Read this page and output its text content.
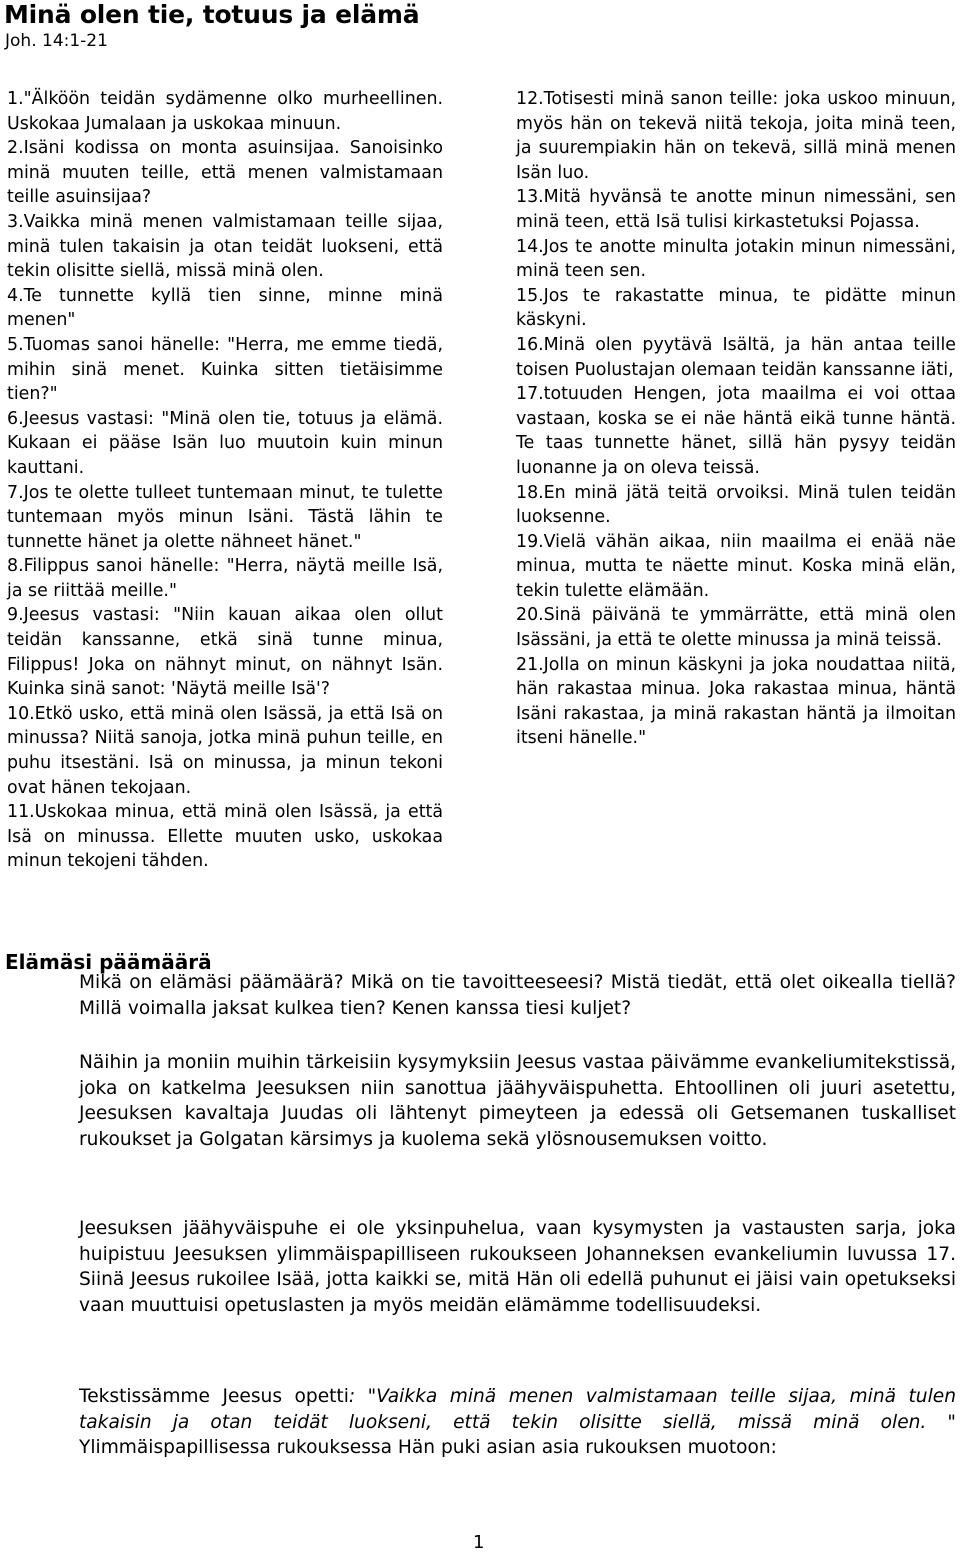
Minä olen tie, totuus ja elämä
Joh. 14:1-21

1."Älköön teidän sydämenne olko murheellinen. Uskokaa Jumalaan ja uskokaa minuun.

2.Isäni kodissa on monta asuinsijaa. Sanoisinko minä muuten teille, että menen valmistamaan teille asuinsijaa?

3.Vaikka minä menen valmistamaan teille sijaa, minä tulen takaisin ja otan teidät luokseni, että tekin olisitte siellä, missä minä olen.

4.Te tunnette kyllä tien sinne, minne minä menen"

5.Tuomas sanoi hänelle: "Herra, me emme tiedä, mihin sinä menet. Kuinka sitten tietäisimme tien?"

6.Jeesus vastasi: "Minä olen tie, totuus ja elämä. Kukaan ei pääse Isän luo muutoin kuin minun kauttani.

7.Jos te olette tulleet tuntemaan minut, te tulette tuntemaan myös minun Isäni. Tästä lähin te tunnette hänet ja olette nähneet hänet."

8.Filippus sanoi hänelle: "Herra, näytä meille Isä, ja se riittää meille."

9.Jeesus vastasi: "Niin kauan aikaa olen ollut teidän kanssanne, etkä sinä tunne minua, Filippus! Joka on nähnyt minut, on nähnyt Isän. Kuinka sinä sanot: 'Näytä meille Isä'?

10.Etkö usko, että minä olen Isässä, ja että Isä on minussa? Niitä sanoja, jotka minä puhun teille, en puhu itsestäni. Isä on minussa, ja minun tekoni ovat hänen tekojaan.

11.Uskokaa minua, että minä olen Isässä, ja että Isä on minussa. Ellette muuten usko, uskokaa minun tekojeni tähden.

12.Totisesti minä sanon teille: joka uskoo minuun, myös hän on tekevä niitä tekoja, joita minä teen, ja suurempiakin hän on tekevä, sillä minä menen Isän luo.

13.Mitä hyvänsä te anotte minun nimessäni, sen minä teen, että Isä tulisi kirkastetuksi Pojassa.

14.Jos te anotte minulta jotakin minun nimessäni, minä teen sen.

15.Jos te rakastatte minua, te pidätte minun käskyni.

16.Minä olen pyytävä Isältä, ja hän antaa teille toisen Puolustajan olemaan teidän kanssanne iäti,

17.totuuden Hengen, jota maailma ei voi ottaa vastaan, koska se ei näe häntä eikä tunne häntä. Te taas tunnette hänet, sillä hän pysyy teidän luonanne ja on oleva teissä.

18.En minä jätä teitä orvoiksi. Minä tulen teidän luoksenne.

19.Vielä vähän aikaa, niin maailma ei enää näe minua, mutta te näette minut. Koska minä elän, tekin tulette elämään.

20.Sinä päivänä te ymmärrätte, että minä olen Isässäni, ja että te olette minussa ja minä teissä.

21.Jolla on minun käskyni ja joka noudattaa niitä, hän rakastaa minua. Joka rakastaa minua, häntä Isäni rakastaa, ja minä rakastan häntä ja ilmoitan itseni hänelle."

Elämäsi päämäärä

Mikä on elämäsi päämäärä? Mikä on tie tavoitteeseesi? Mistä tiedät, että olet oikealla tiellä? Millä voimalla jaksat kulkea tien? Kenen kanssa tiesi kuljet?

Näihin ja moniin muihin tärkeisiin kysymyksiin Jeesus vastaa päivämme evankeliumitekstissä, joka on katkelma Jeesuksen niin sanottua jäähyväispuhetta. Ehtoollinen oli juuri asetettu, Jeesuksen kavaltaja Juudas oli lähtenyt pimeyteen ja edessä oli Getsemanen tuskalliset rukoukset ja Golgatan kärsimys ja kuolema sekä ylösnousemuksen voitto.

Jeesuksen jäähyväispuhe ei ole yksinpuhelua, vaan kysymysten ja vastausten sarja, joka huipistuu Jeesuksen ylimmäispapilliseen rukoukseen Johanneksen evankeliumin luvussa 17. Siinä Jeesus rukoilee Isää, jotta kaikki se, mitä Hän oli edellä puhunut ei jäisi vain opetukseksi vaan muuttuisi opetuslasten ja myös meidän elämämme todellisuudeksi.

Tekstissämme Jeesus opetti: "Vaikka minä menen valmistamaan teille sijaa, minä tulen takaisin ja otan teidät luokseni, että tekin olisitte siellä, missä minä olen. " Ylimmäispapillisessa rukouksessa Hän puki asian asia rukouksen muotoon:

1
